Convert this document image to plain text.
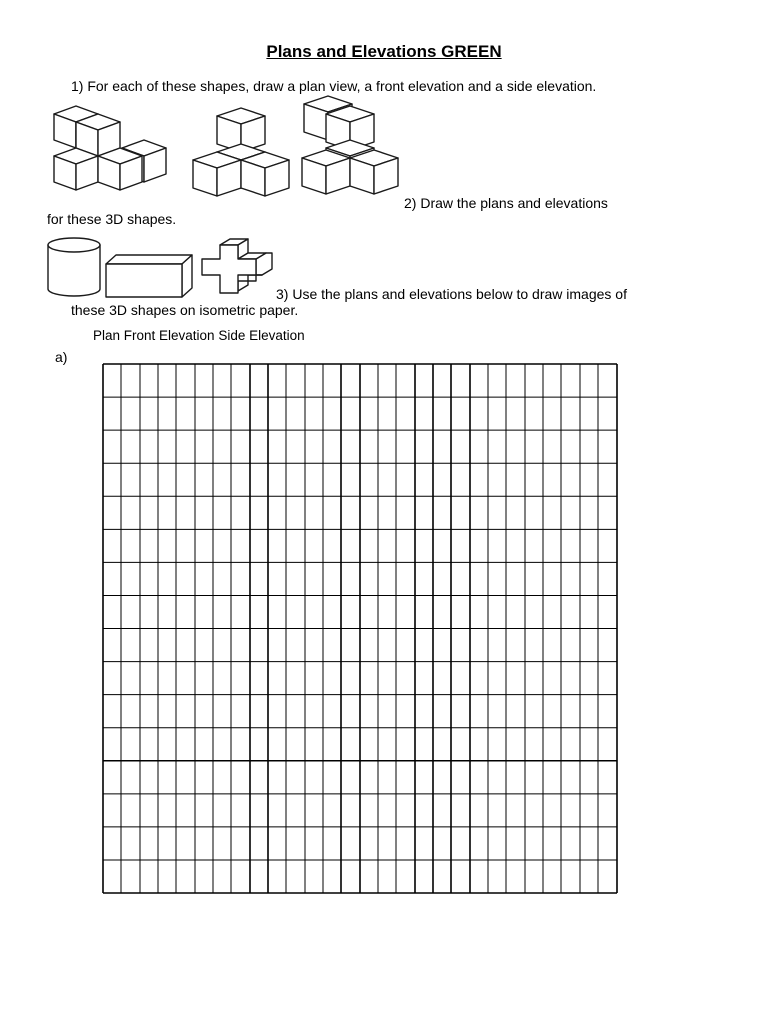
Plans and Elevations GREEN
1) For each of these shapes, draw a plan view, a front elevation and a side elevation.
2) Draw the plans and elevations
for these 3D shapes.
3) Use the plans and elevations below to draw images of
these 3D shapes on isometric paper.
Plan Front Elevation Side Elevation
a)
